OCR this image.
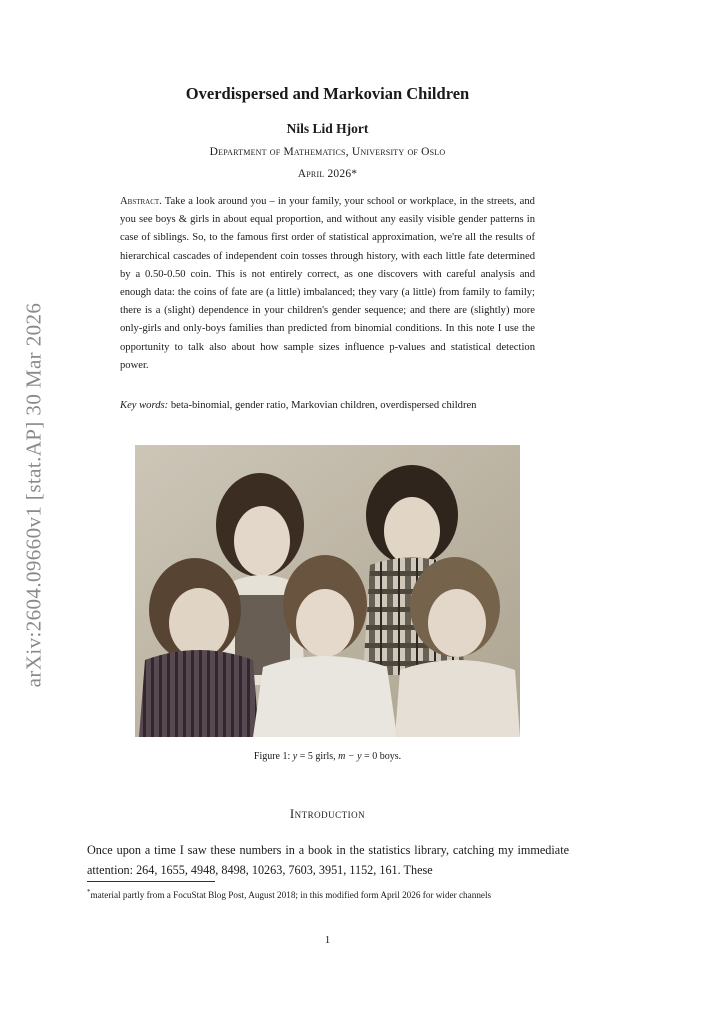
arXiv:2604.09660v1 [stat.AP] 30 Mar 2026
Overdispersed and Markovian Children
Nils Lid Hjort
Department of Mathematics, University of Oslo
April 2026*
Abstract. Take a look around you – in your family, your school or workplace, in the streets, and you see boys & girls in about equal proportion, and without any easily visible gender patterns in case of siblings. So, to the famous first order of statistical approximation, we're all the results of hierarchical cascades of independent coin tosses through history, with each little fate determined by a 0.50-0.50 coin. This is not entirely correct, as one discovers with careful analysis and enough data: the coins of fate are (a little) imbalanced; they vary (a little) from family to family; there is a (slight) dependence in your children's gender sequence; and there are (slightly) more only-girls and only-boys families than predicted from binomial conditions. In this note I use the opportunity to talk also about how sample sizes influence p-values and statistical detection power.
Key words: beta-binomial, gender ratio, Markovian children, overdispersed children
Figure 1: y = 5 girls, m − y = 0 boys.
Introduction
Once upon a time I saw these numbers in a book in the statistics library, catching my immediate attention: 264, 1655, 4948, 8498, 10263, 7603, 3951, 1152, 161. These
*material partly from a FocuStat Blog Post, August 2018; in this modified form April 2026 for wider channels
1
